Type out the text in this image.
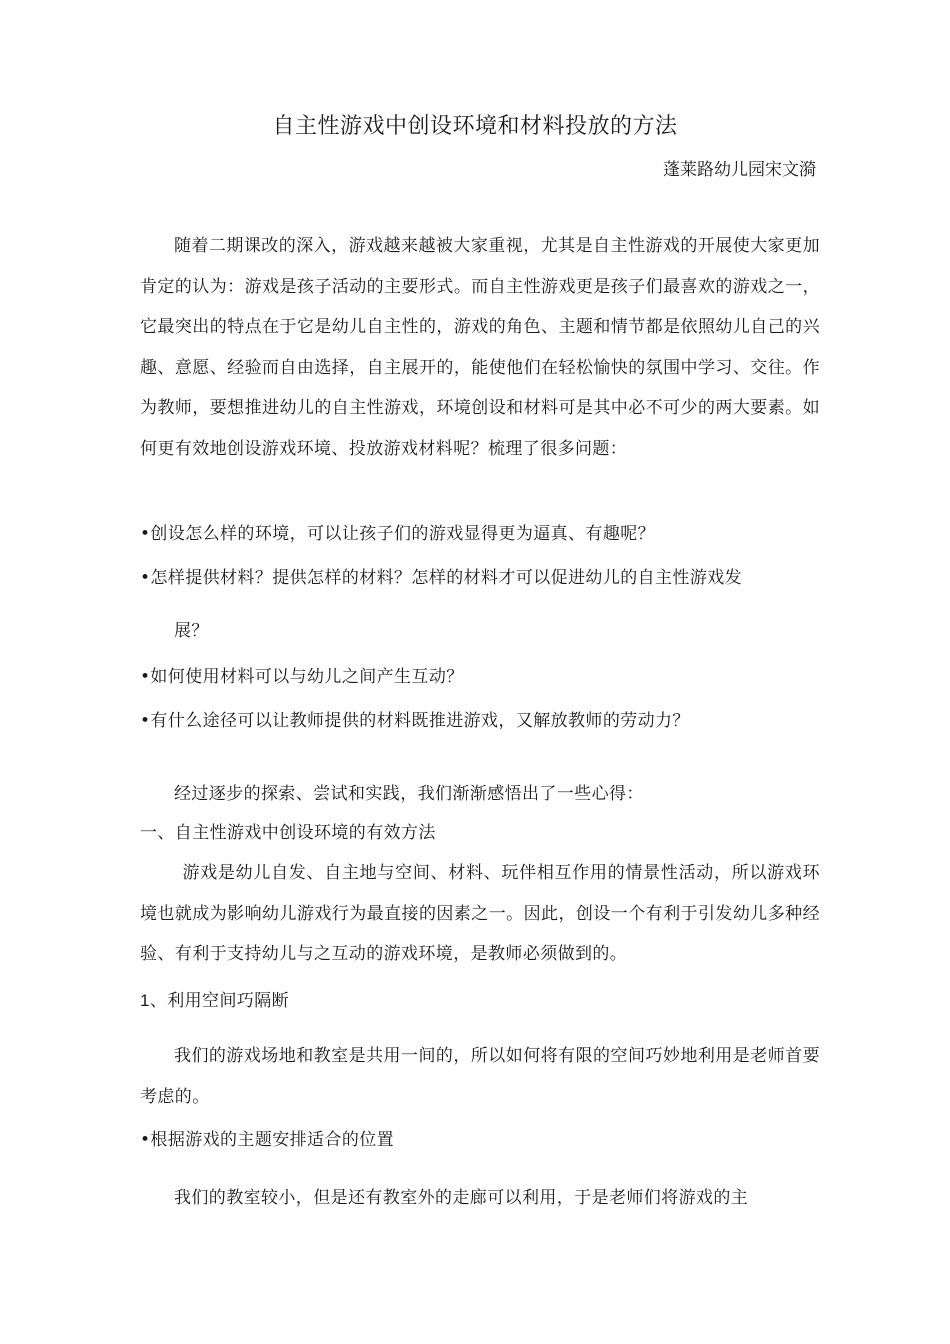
自主性游戏中创设环境和材料投放的方法
蓬莱路幼儿园宋文漪

随着二期课改的深入，游戏越来越被大家重视，尤其是自主性游戏的开展使大家更加肯定的认为：游戏是孩子活动的主要形式。而自主性游戏更是孩子们最喜欢的游戏之一，它最突出的特点在于它是幼儿自主性的，游戏的角色、主题和情节都是依照幼儿自己的兴趣、意愿、经验而自由选择，自主展开的，能使他们在轻松愉快的氛围中学习、交往。作为教师，要想推进幼儿的自主性游戏，环境创设和材料可是其中必不可少的两大要素。如何更有效地创设游戏环境、投放游戏材料呢？梳理了很多问题：

•创设怎么样的环境，可以让孩子们的游戏显得更为逼真、有趣呢？
•怎样提供材料？提供怎样的材料？怎样的材料才可以促进幼儿的自主性游戏发
展？
•如何使用材料可以与幼儿之间产生互动？
•有什么途径可以让教师提供的材料既推进游戏，又解放教师的劳动力？
经过逐步的探索、尝试和实践，我们渐渐感悟出了一些心得：
一、自主性游戏中创设环境的有效方法

游戏是幼儿自发、自主地与空间、材料、玩伴相互作用的情景性活动，所以游戏环境也就成为影响幼儿游戏行为最直接的因素之一。因此，创设一个有利于引发幼儿多种经验、有利于支持幼儿与之互动的游戏环境，是教师必须做到的。

1、利用空间巧隔断

我们的游戏场地和教室是共用一间的，所以如何将有限的空间巧妙地利用是老师首要考虑的。

•根据游戏的主题安排适合的位置
我们的教室较小，但是还有教室外的走廊可以利用，于是老师们将游戏的主
